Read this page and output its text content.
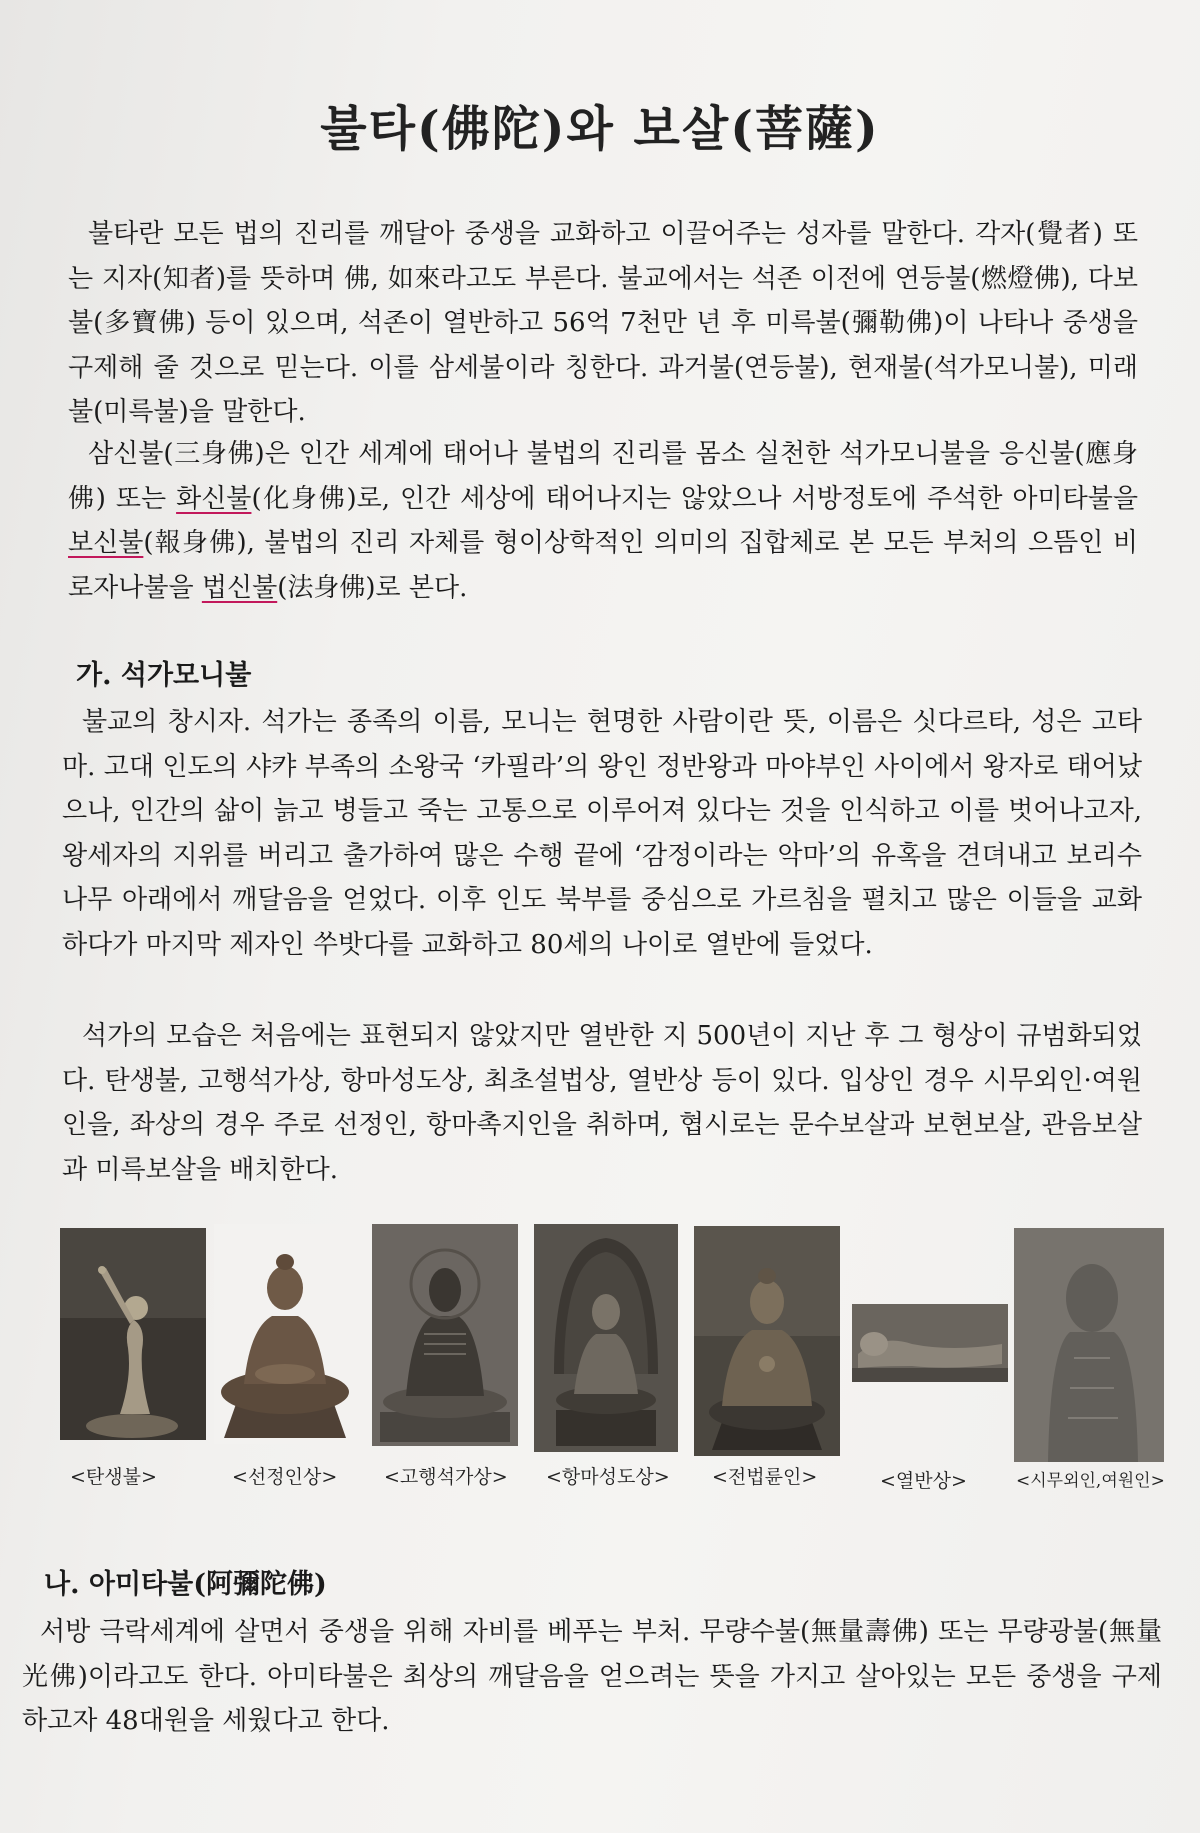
불타(佛陀)와 보살(菩薩)

불타란 모든 법의 진리를 깨달아 중생을 교화하고 이끌어주는 성자를 말한다. 각자(覺者) 또는 지자(知者)를 뜻하며 佛, 如來라고도 부른다. 불교에서는 석존 이전에 연등불(燃燈佛), 다보불(多寶佛) 등이 있으며, 석존이 열반하고 56억 7천만 년 후 미륵불(彌勒佛)이 나타나 중생을 구제해 줄 것으로 믿는다. 이를 삼세불이라 칭한다. 과거불(연등불), 현재불(석가모니불), 미래불(미륵불)을 말한다.

삼신불(三身佛)은 인간 세계에 태어나 불법의 진리를 몸소 실천한 석가모니불을 응신불(應身佛) 또는 화신불(化身佛)로, 인간 세상에 태어나지는 않았으나 서방정토에 주석한 아미타불을 보신불(報身佛), 불법의 진리 자체를 형이상학적인 의미의 집합체로 본 모든 부처의 으뜸인 비로자나불을 법신불(法身佛)로 본다.

가. 석가모니불

불교의 창시자. 석가는 종족의 이름, 모니는 현명한 사람이란 뜻, 이름은 싯다르타, 성은 고타마. 고대 인도의 샤캬 부족의 소왕국 ‘카필라’의 왕인 정반왕과 마야부인 사이에서 왕자로 태어났으나, 인간의 삶이 늙고 병들고 죽는 고통으로 이루어져 있다는 것을 인식하고 이를 벗어나고자, 왕세자의 지위를 버리고 출가하여 많은 수행 끝에 ‘감정이라는 악마’의 유혹을 견뎌내고 보리수 나무 아래에서 깨달음을 얻었다. 이후 인도 북부를 중심으로 가르침을 펼치고 많은 이들을 교화하다가 마지막 제자인 쑤밧다를 교화하고 80세의 나이로 열반에 들었다.

석가의 모습은 처음에는 표현되지 않았지만 열반한 지 500년이 지난 후 그 형상이 규범화되었다. 탄생불, 고행석가상, 항마성도상, 최초설법상, 열반상 등이 있다. 입상인 경우 시무외인·여원인을, 좌상의 경우 주로 선정인, 항마촉지인을 취하며, 협시로는 문수보살과 보현보살, 관음보살과 미륵보살을 배치한다.

<탄생불>	<선정인상> <고행석가상> <항마성도상> <전법륜인>	<열반상>	<시무외인,여원인>
나. 아미타불(阿彌陀佛)

서방 극락세계에 살면서 중생을 위해 자비를 베푸는 부처. 무량수불(無量壽佛) 또는 무량광불(無量光佛)이라고도 한다. 아미타불은 최상의 깨달음을 얻으려는 뜻을 가지고 살아있는 모든 중생을 구제하고자 48대원을 세웠다고 한다.
